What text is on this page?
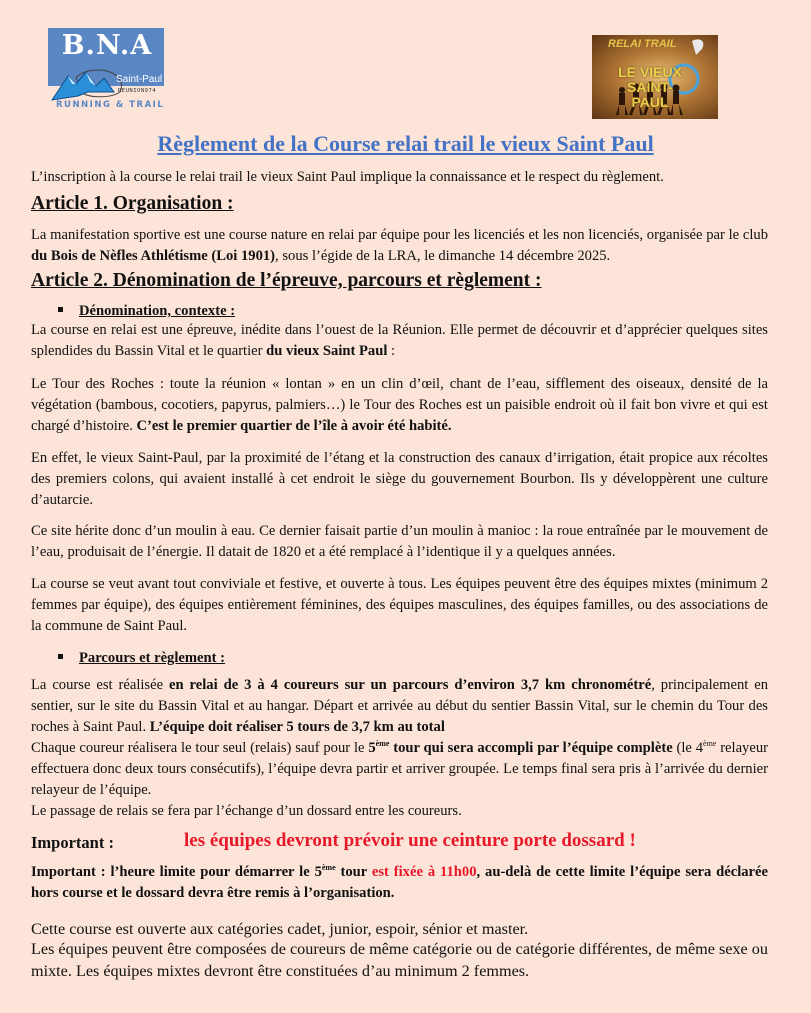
B.N.A
Saint-Paul
REUNION974
RUNNING & TRAIL
RELAI TRAIL
LE VIEUX SAINT-PAUL
Règlement de la Course relai trail le vieux Saint Paul

L’inscription à la course le relai trail le vieux Saint Paul implique la connaissance et le respect du règlement.

Article 1. Organisation :

La manifestation sportive est une course nature en relai par équipe pour les licenciés et les non licenciés, organisée par le club du Bois de Nèfles Athlétisme (Loi 1901), sous l’égide de la LRA, le dimanche 14 décembre 2025.

Article 2. Dénomination de l’épreuve, parcours et règlement :
Dénomination, contexte :

La course en relai est une épreuve, inédite dans l’ouest de la Réunion. Elle permet de découvrir et d’apprécier quelques sites splendides du Bassin Vital et le quartier du vieux Saint Paul :

Le Tour des Roches : toute la réunion « lontan » en un clin d’œil, chant de l’eau, sifflement des oiseaux, densité de la végétation (bambous, cocotiers, papyrus, palmiers…) le Tour des Roches est un paisible endroit où il fait bon vivre et qui est chargé d’histoire. C’est le premier quartier de l’île à avoir été habité.

En effet, le vieux Saint-Paul, par la proximité de l’étang et la construction des canaux d’irrigation, était propice aux récoltes des premiers colons, qui avaient installé à cet endroit le siège du gouvernement Bourbon. Ils y développèrent une culture d’autarcie.

Ce site hérite donc d’un moulin à eau. Ce dernier faisait partie d’un moulin à manioc : la roue entraînée par le mouvement de l’eau, produisait de l’énergie. Il datait de 1820 et a été remplacé à l’identique il y a quelques années.

La course se veut avant tout conviviale et festive, et ouverte à tous. Les équipes peuvent être des équipes mixtes (minimum 2 femmes par équipe), des équipes entièrement féminines, des équipes masculines, des équipes familles, ou des associations de la commune de Saint Paul.

Parcours et règlement :

La course est réalisée en relai de 3 à 4 coureurs sur un parcours d’environ 3,7 km chronométré, principalement en sentier, sur le site du Bassin Vital et au hangar. Départ et arrivée au début du sentier Bassin Vital, sur le chemin du Tour des roches à Saint Paul. L’équipe doit réaliser 5 tours de 3,7 km au total

Chaque coureur réalisera le tour seul (relais) sauf pour le 5ème tour qui sera accompli par l’équipe complète (le 4ème relayeur effectuera donc deux tours consécutifs), l’équipe devra partir et arriver groupée. Le temps final sera pris à l’arrivée du dernier relayeur de l’équipe.

Le passage de relais se fera par l’échange d’un dossard entre les coureurs.

Important :	les équipes devront prévoir une ceinture porte dossard !

Important : l’heure limite pour démarrer le 5ème tour est fixée à 11h00, au-delà de cette limite l’équipe sera déclarée hors course et le dossard devra être remis à l’organisation.

Cette course est ouverte aux catégories cadet, junior, espoir, sénior et master.

Les équipes peuvent être composées de coureurs de même catégorie ou de catégorie différentes, de même sexe ou mixte. Les équipes mixtes devront être constituées d’au minimum 2 femmes.
